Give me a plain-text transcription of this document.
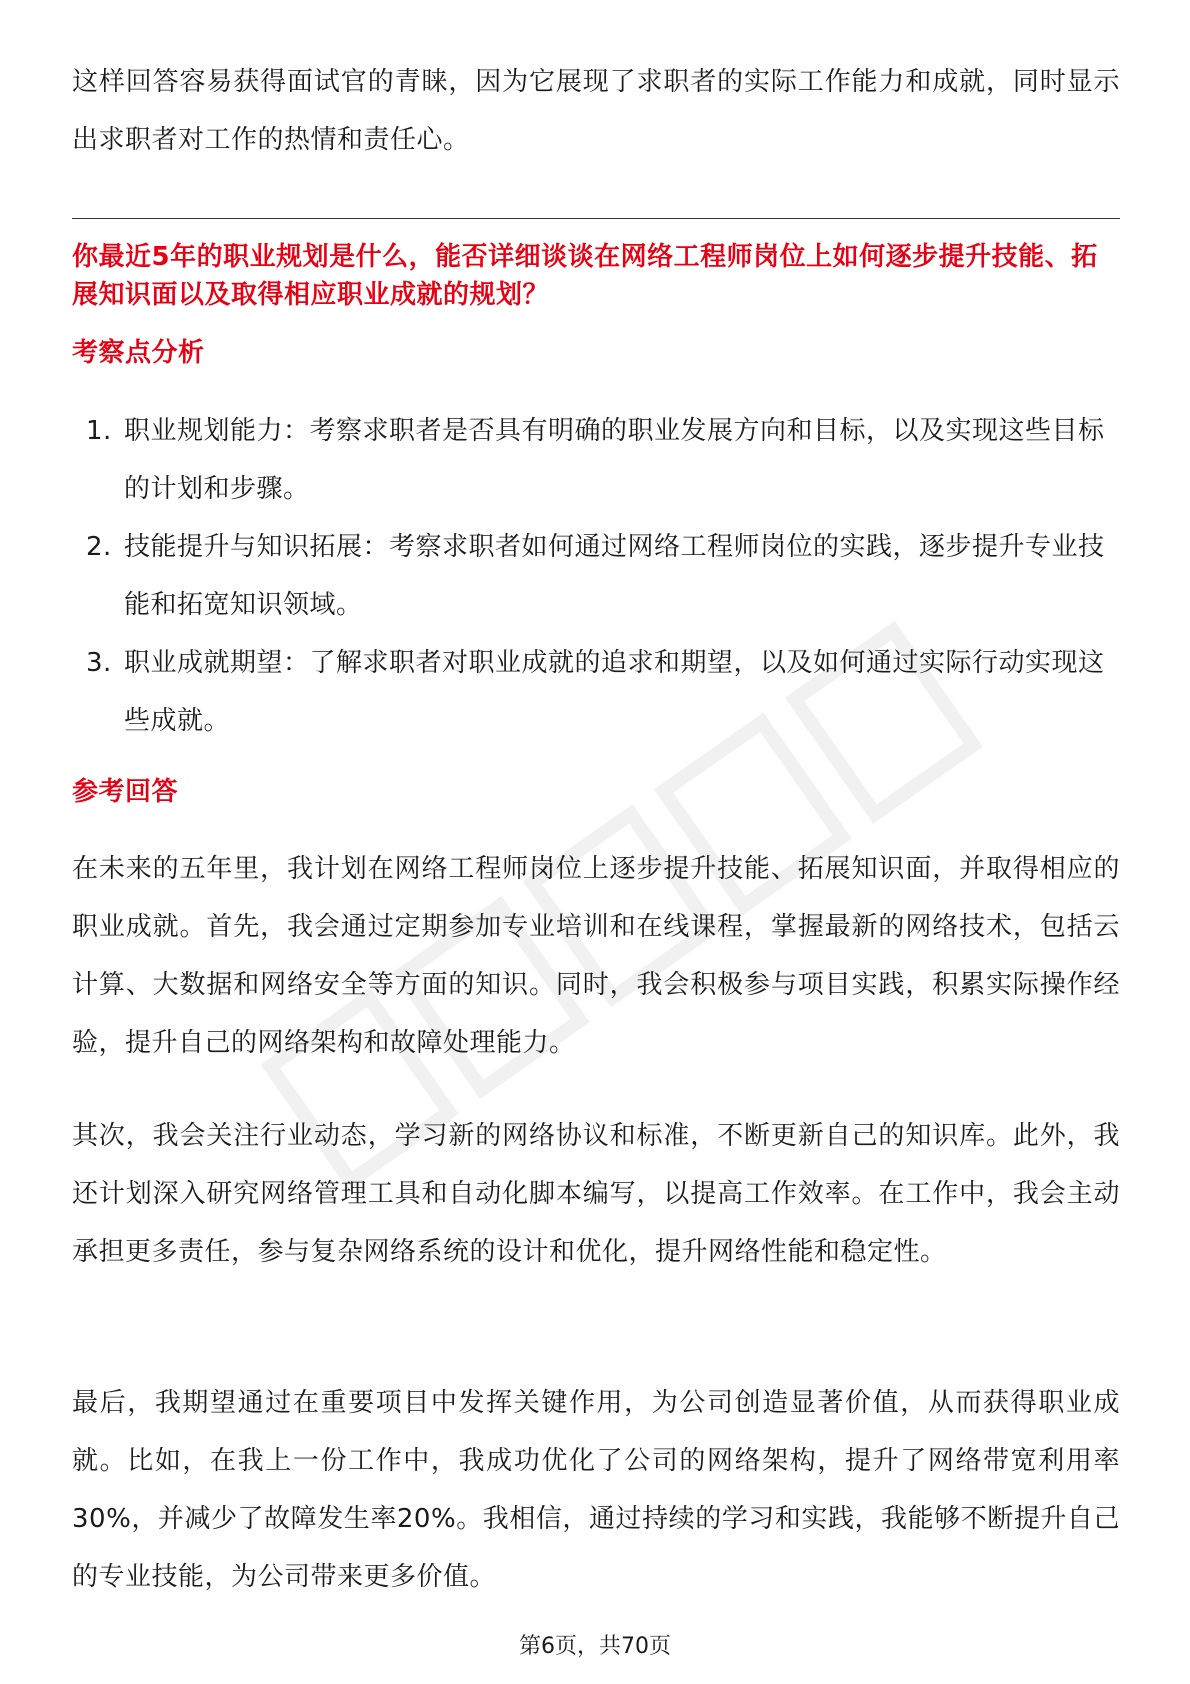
这样回答容易获得面试官的青睐，因为它展现了求职者的实际工作能力和成就，同时显示出求职者对工作的热情和责任心。

你最近5年的职业规划是什么，能否详细谈谈在网络工程师岗位上如何逐步提升技能、拓展知识面以及取得相应职业成就的规划？

考察点分析

1. 职业规划能力：考察求职者是否具有明确的职业发展方向和目标，以及实现这些目标的计划和步骤。
2. 技能提升与知识拓展：考察求职者如何通过网络工程师岗位的实践，逐步提升专业技能和拓宽知识领域。
3. 职业成就期望：了解求职者对职业成就的追求和期望，以及如何通过实际行动实现这些成就。

参考回答

在未来的五年里，我计划在网络工程师岗位上逐步提升技能、拓展知识面，并取得相应的职业成就。首先，我会通过定期参加专业培训和在线课程，掌握最新的网络技术，包括云计算、大数据和网络安全等方面的知识。同时，我会积极参与项目实践，积累实际操作经验，提升自己的网络架构和故障处理能力。

其次，我会关注行业动态，学习新的网络协议和标准，不断更新自己的知识库。此外，我还计划深入研究网络管理工具和自动化脚本编写，以提高工作效率。在工作中，我会主动承担更多责任，参与复杂网络系统的设计和优化，提升网络性能和稳定性。

最后，我期望通过在重要项目中发挥关键作用，为公司创造显著价值，从而获得职业成就。比如，在我上一份工作中，我成功优化了公司的网络架构，提升了网络带宽利用率30%，并减少了故障发生率20%。我相信，通过持续的学习和实践，我能够不断提升自己的专业技能，为公司带来更多价值。

第6页，共70页
